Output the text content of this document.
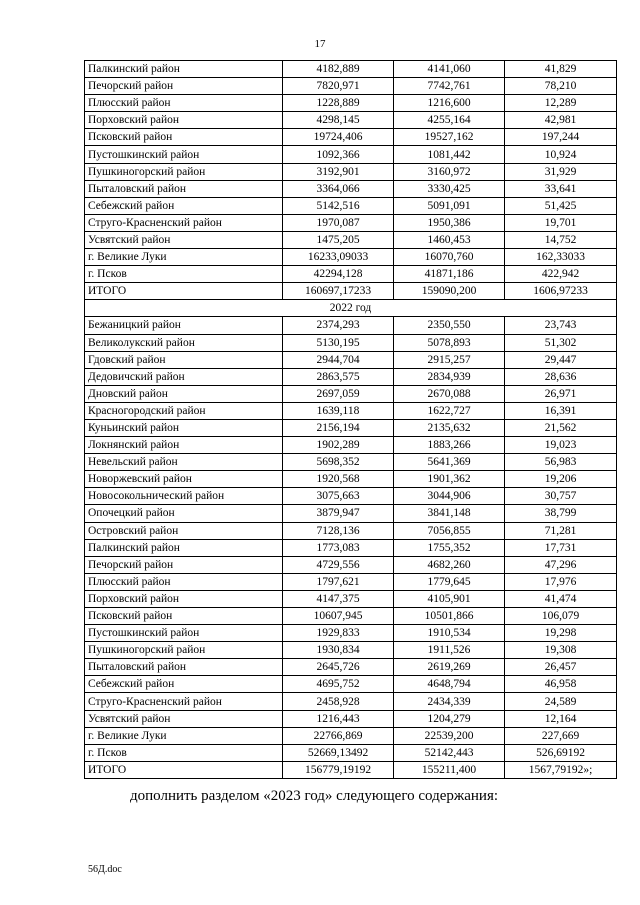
17
Палкинский район	4182,889	4141,060	41,829
Печорский район	7820,971	7742,761	78,210
Плюсский район	1228,889	1216,600	12,289
Порховский район	4298,145	4255,164	42,981
Псковский район	19724,406	19527,162	197,244
Пустошкинский район	1092,366	1081,442	10,924
Пушкиногорский район	3192,901	3160,972	31,929
Пыталовский район	3364,066	3330,425	33,641
Себежский район	5142,516	5091,091	51,425
Струго-Красненский район	1970,087	1950,386	19,701
Усвятский район	1475,205	1460,453	14,752
г. Великие Луки	16233,09033	16070,760	162,33033
г. Псков	42294,128	41871,186	422,942
ИТОГО	160697,17233	159090,200	1606,97233
2022 год			
Бежаницкий район	2374,293	2350,550	23,743
Великолукский район	5130,195	5078,893	51,302
Гдовский район	2944,704	2915,257	29,447
Дедовичский район	2863,575	2834,939	28,636
Дновский район	2697,059	2670,088	26,971
Красногородский район	1639,118	1622,727	16,391
Куньинский район	2156,194	2135,632	21,562
Локнянский район	1902,289	1883,266	19,023
Невельский район	5698,352	5641,369	56,983
Новоржевский район	1920,568	1901,362	19,206
Новосокольнический район	3075,663	3044,906	30,757
Опочецкий район	3879,947	3841,148	38,799
Островский район	7128,136	7056,855	71,281
Палкинский район	1773,083	1755,352	17,731
Печорский район	4729,556	4682,260	47,296
Плюсский район	1797,621	1779,645	17,976
Порховский район	4147,375	4105,901	41,474
Псковский район	10607,945	10501,866	106,079
Пустошкинский район	1929,833	1910,534	19,298
Пушкиногорский район	1930,834	1911,526	19,308
Пыталовский район	2645,726	2619,269	26,457
Себежский район	4695,752	4648,794	46,958
Струго-Красненский район	2458,928	2434,339	24,589
Усвятский район	1216,443	1204,279	12,164
г. Великие Луки	22766,869	22539,200	227,669
г. Псков	52669,13492	52142,443	526,69192
ИТОГО	156779,19192	155211,400	1567,79192»;
дополнить разделом «2023 год» следующего содержания:
56Д.doc
